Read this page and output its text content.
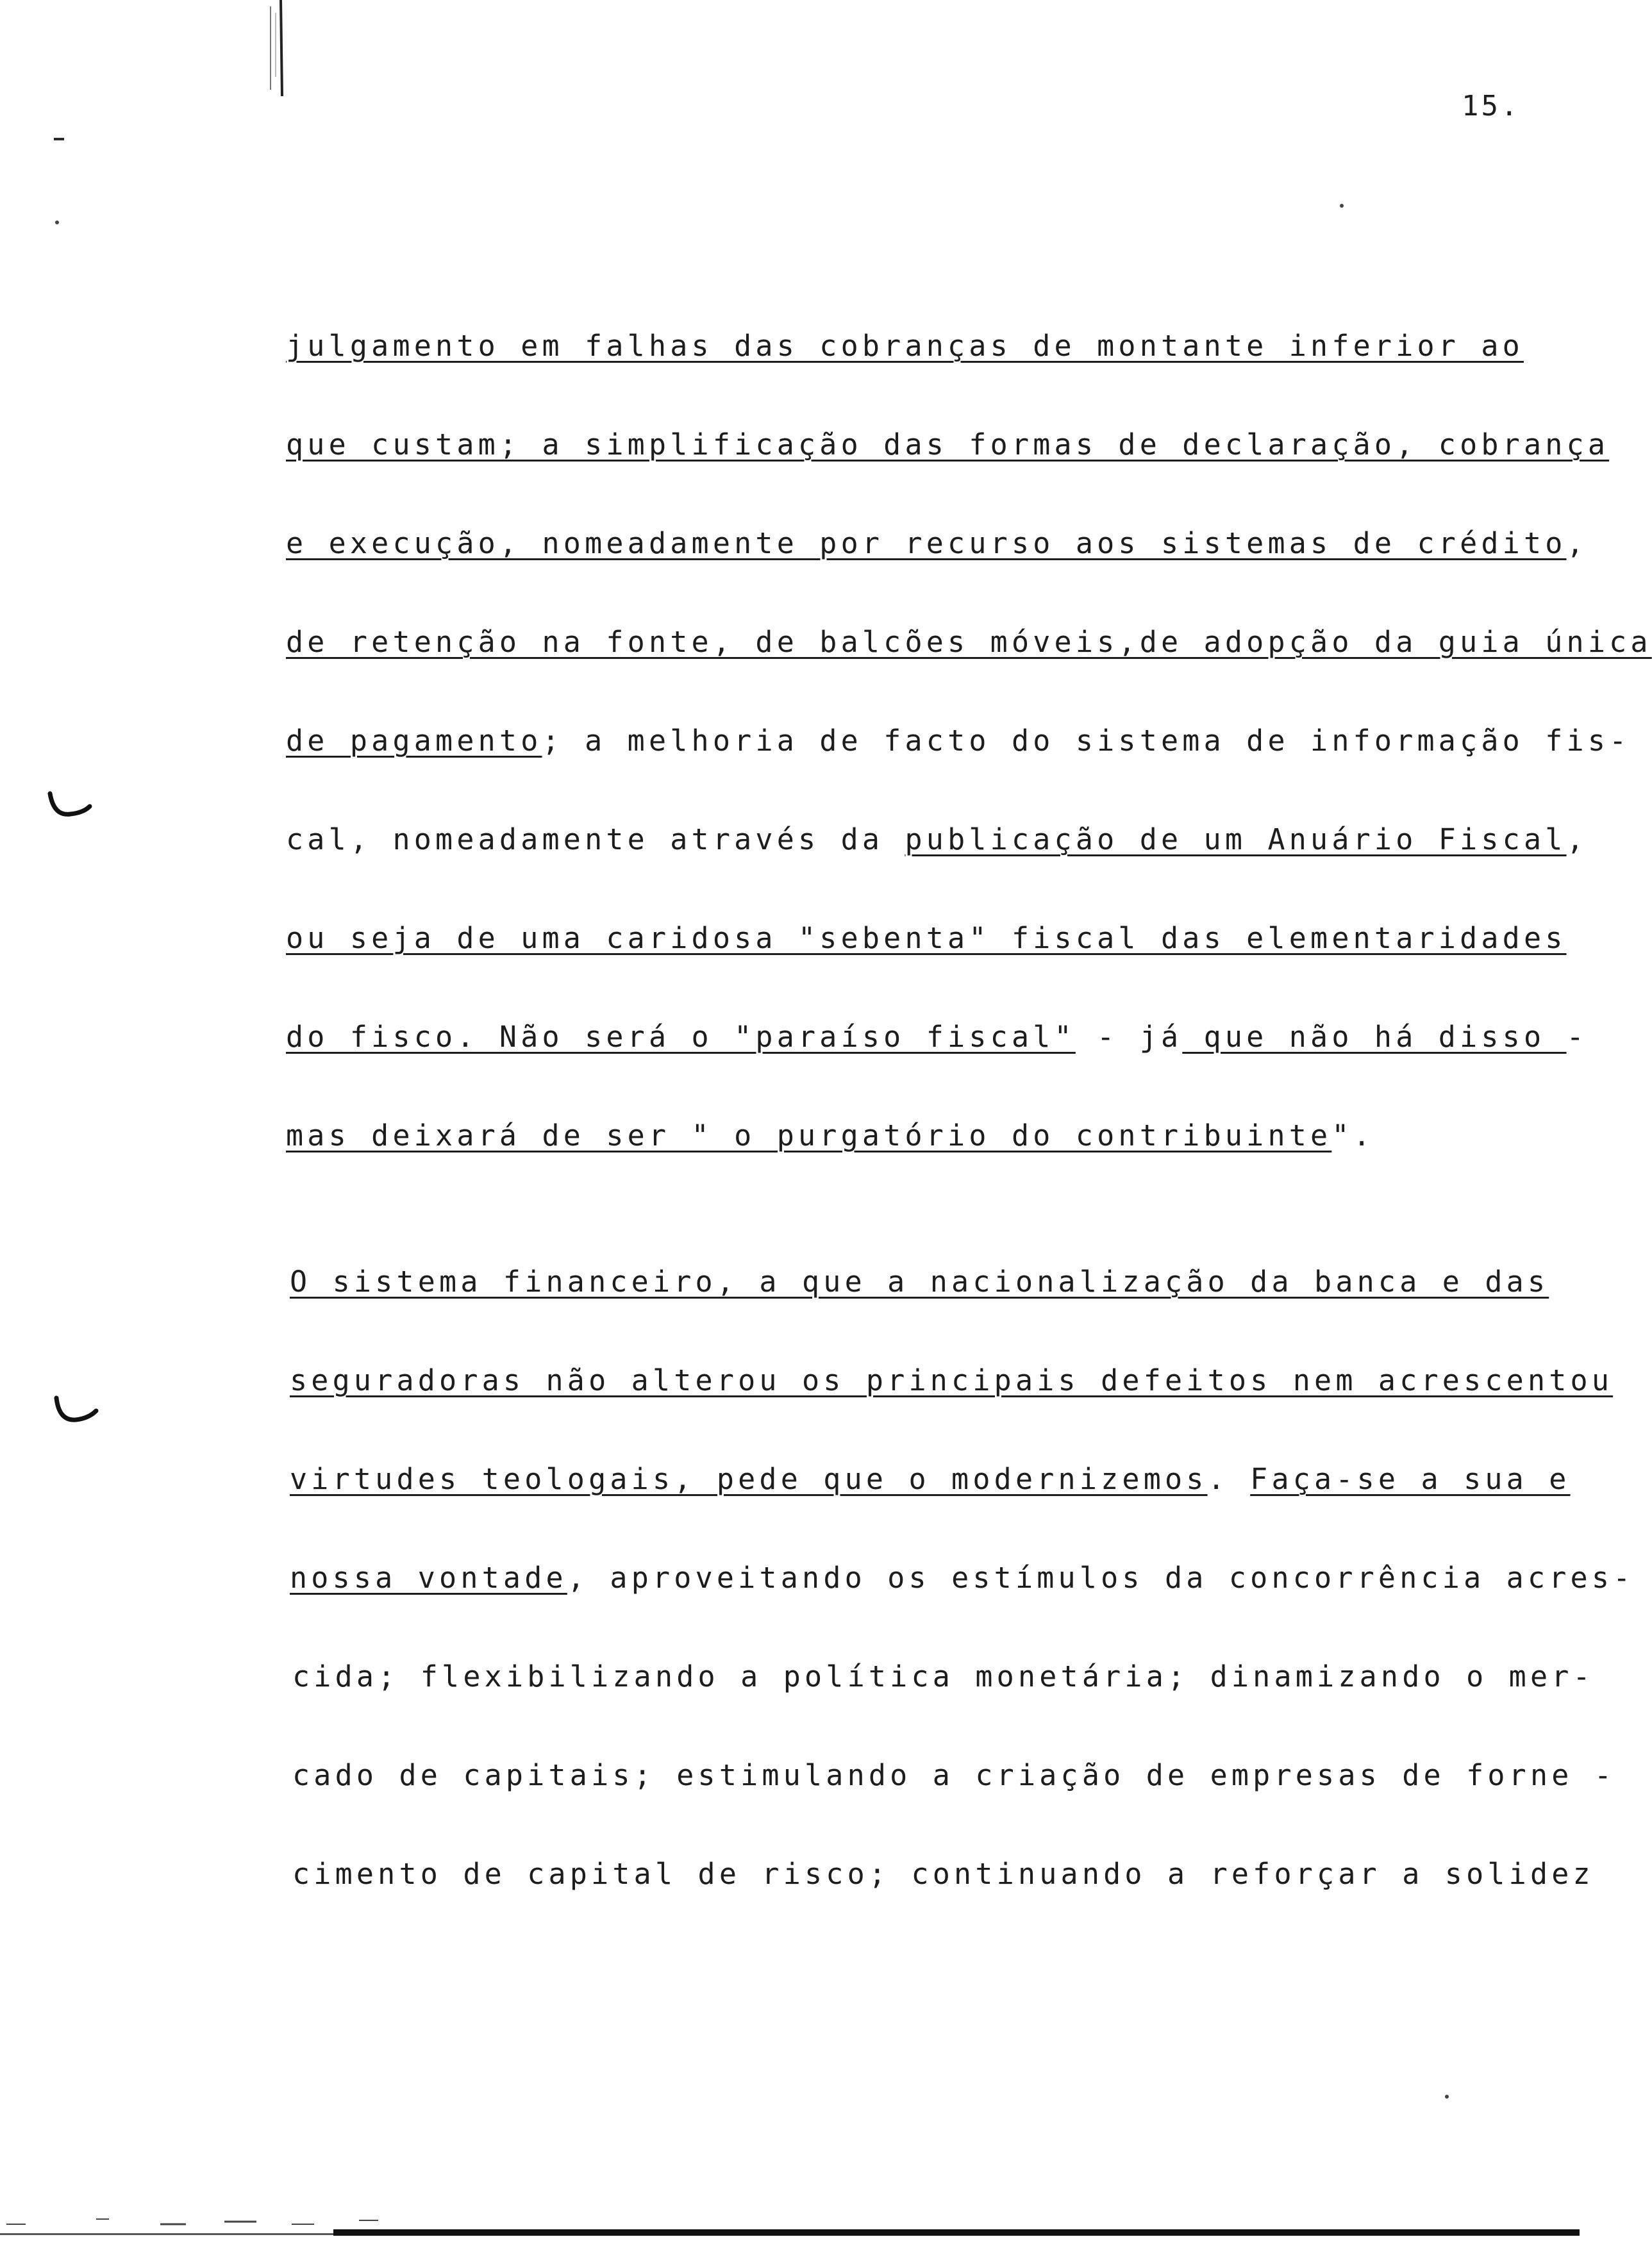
15.
julgamento em falhas das cobranças de montante inferior ao
que custam; a simplificação das formas de declaração, cobrança
e execução, nomeadamente por recurso aos sistemas de crédito,
de retenção na fonte, de balcões móveis,de adopção da guia única
de pagamento; a melhoria de facto do sistema de informação fis-
cal, nomeadamente através da publicação de um Anuário Fiscal,
ou seja de uma caridosa "sebenta" fiscal das elementaridades
do fisco. Não será o "paraíso fiscal" - já que não há disso -
mas deixará de ser " o purgatório do contribuinte".
O sistema financeiro, a que a nacionalização da banca e das
seguradoras não alterou os principais defeitos nem acrescentou
virtudes teologais, pede que o modernizemos. Faça-se a sua e
nossa vontade, aproveitando os estímulos da concorrência acres-
cida; flexibilizando a política monetária; dinamizando o mer-
cado de capitais; estimulando a criação de empresas de forne -
cimento de capital de risco; continuando a reforçar a solidez
